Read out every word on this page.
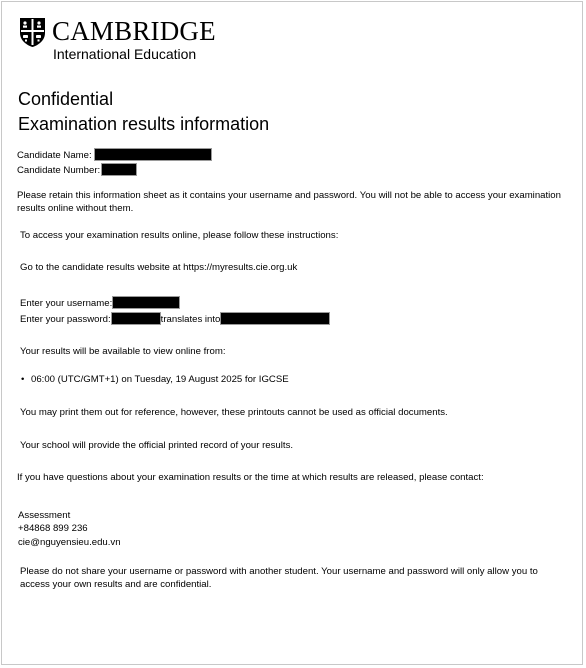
CAMBRIDGE
International Education
Confidential
Examination results information
Candidate Name:
Candidate Number:
Please retain this information sheet as it contains your username and password. You will not be able to access your examination results online without them.
To access your examination results online, please follow these instructions:
Go to the candidate results website at https://myresults.cie.org.uk
Enter your username:
Enter your password:	translates into
Your results will be available to view online from:
• 06:00 (UTC/GMT+1) on Tuesday, 19 August 2025 for IGCSE
You may print them out for reference, however, these printouts cannot be used as official documents.
Your school will provide the official printed record of your results.
If you have questions about your examination results or the time at which results are released, please contact:
Assessment
+84868 899 236
cie@nguyensieu.edu.vn
Please do not share your username or password with another student. Your username and password will only allow you to access your own results and are confidential.
